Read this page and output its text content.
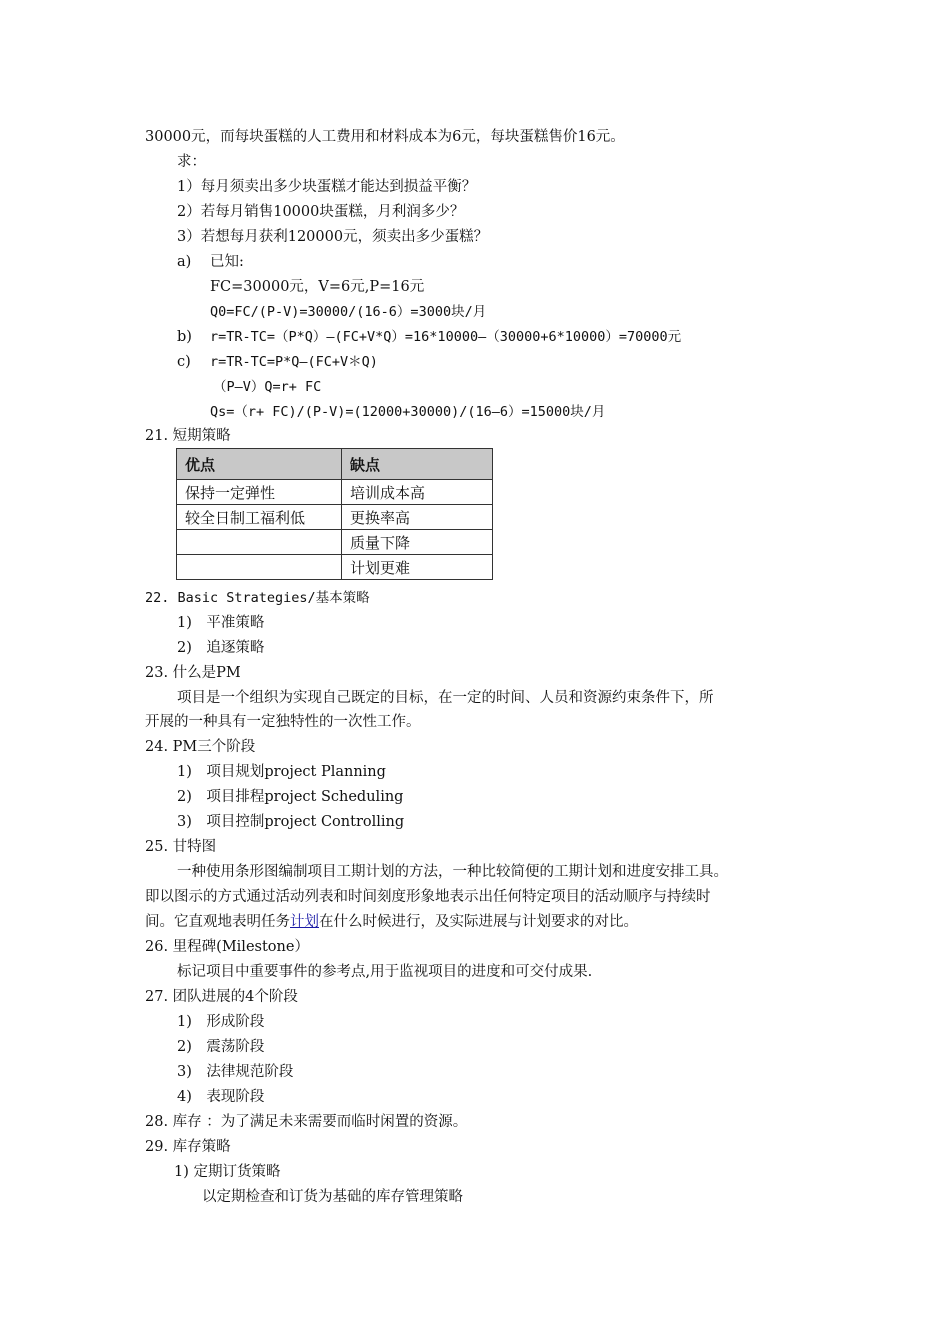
30000元，而每块蛋糕的人工费用和材料成本为6元，每块蛋糕售价16元。
求：
1）每月须卖出多少块蛋糕才能达到损益平衡？
2）若每月销售10000块蛋糕，月利润多少？
3）若想每月获利120000元，须卖出多少蛋糕？
a) 已知:
FC=30000元，V=6元,P=16元
Q0=FC/(P-V)=30000/(16-6）=3000块/月
b) r=TR-TC=（P*Q）—(FC+V*Q）=16*10000—（30000+6*10000）=70000元
c) r=TR-TC=P*Q—(FC+V＊Q)
（P—V）Q=r+ FC
Qs=（r+ FC)/(P-V)=(12000+30000)/(16—6）=15000块/月
21. 短期策略
优点	缺点
保持一定弹性	培训成本高
较全日制工福利低	更换率高
	质量下降
	计划更难
22. Basic Strategies/基本策略
1)　平准策略
2)　追逐策略
23. 什么是PM
项目是一个组织为实现自己既定的目标，在一定的时间、人员和资源约束条件下，所
开展的一种具有一定独特性的一次性工作。
24. PM三个阶段
1)　项目规划project Planning
2)　项目排程project Scheduling
3)　项目控制project Controlling
25. 甘特图
一种使用条形图编制项目工期计划的方法，一种比较简便的工期计划和进度安排工具。
即以图示的方式通过活动列表和时间刻度形象地表示出任何特定项目的活动顺序与持续时
间。它直观地表明任务计划在什么时候进行，及实际进展与计划要求的对比。
26. 里程碑(Milestone）
标记项目中重要事件的参考点,用于监视项目的进度和可交付成果.
27. 团队进展的4个阶段
1)　形成阶段
2)　震荡阶段
3)　法律规范阶段
4)　表现阶段
28. 库存 ：为了满足未来需要而临时闲置的资源。
29. 库存策略
1) 定期订货策略
以定期检查和订货为基础的库存管理策略
